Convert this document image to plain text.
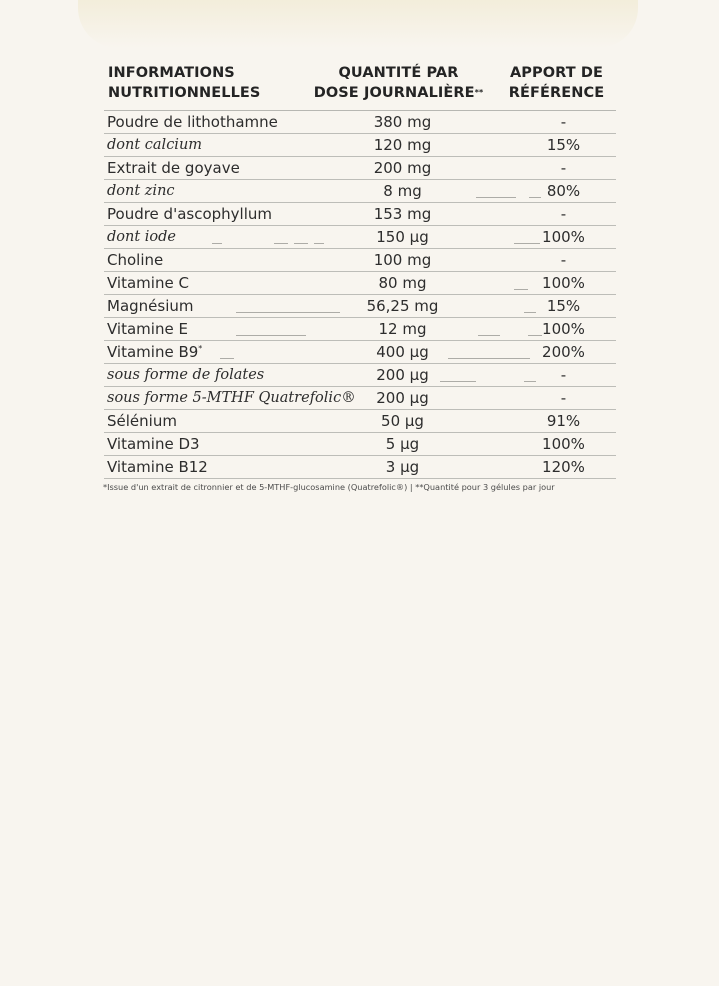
INFORMATIONS
NUTRITIONNELLES
QUANTITÉ PAR
DOSE JOURNALIÈRE**
APPORT DE
RÉFÉRENCE
Poudre de lithothamne	380 mg	-
dont calcium	120 mg	15%
Extrait de goyave	200 mg	-
dont zinc	8 mg	80%
Poudre d'ascophyllum	153 mg	-
dont iode	150 µg	100%
Choline	100 mg	-
Vitamine C	80 mg	100%
Magnésium	56,25 mg	15%
Vitamine E	12 mg	100%
Vitamine B9*	400 µg	200%
sous forme de folates	200 µg	-
sous forme 5-MTHF Quatrefolic®	200 µg	-
Sélénium	50 µg	91%
Vitamine D3	5 µg	100%
Vitamine B12	3 µg	120%
*Issue d'un extrait de citronnier et de 5-MTHF-glucosamine (Quatrefolic®) | **Quantité pour 3 gélules par jour
